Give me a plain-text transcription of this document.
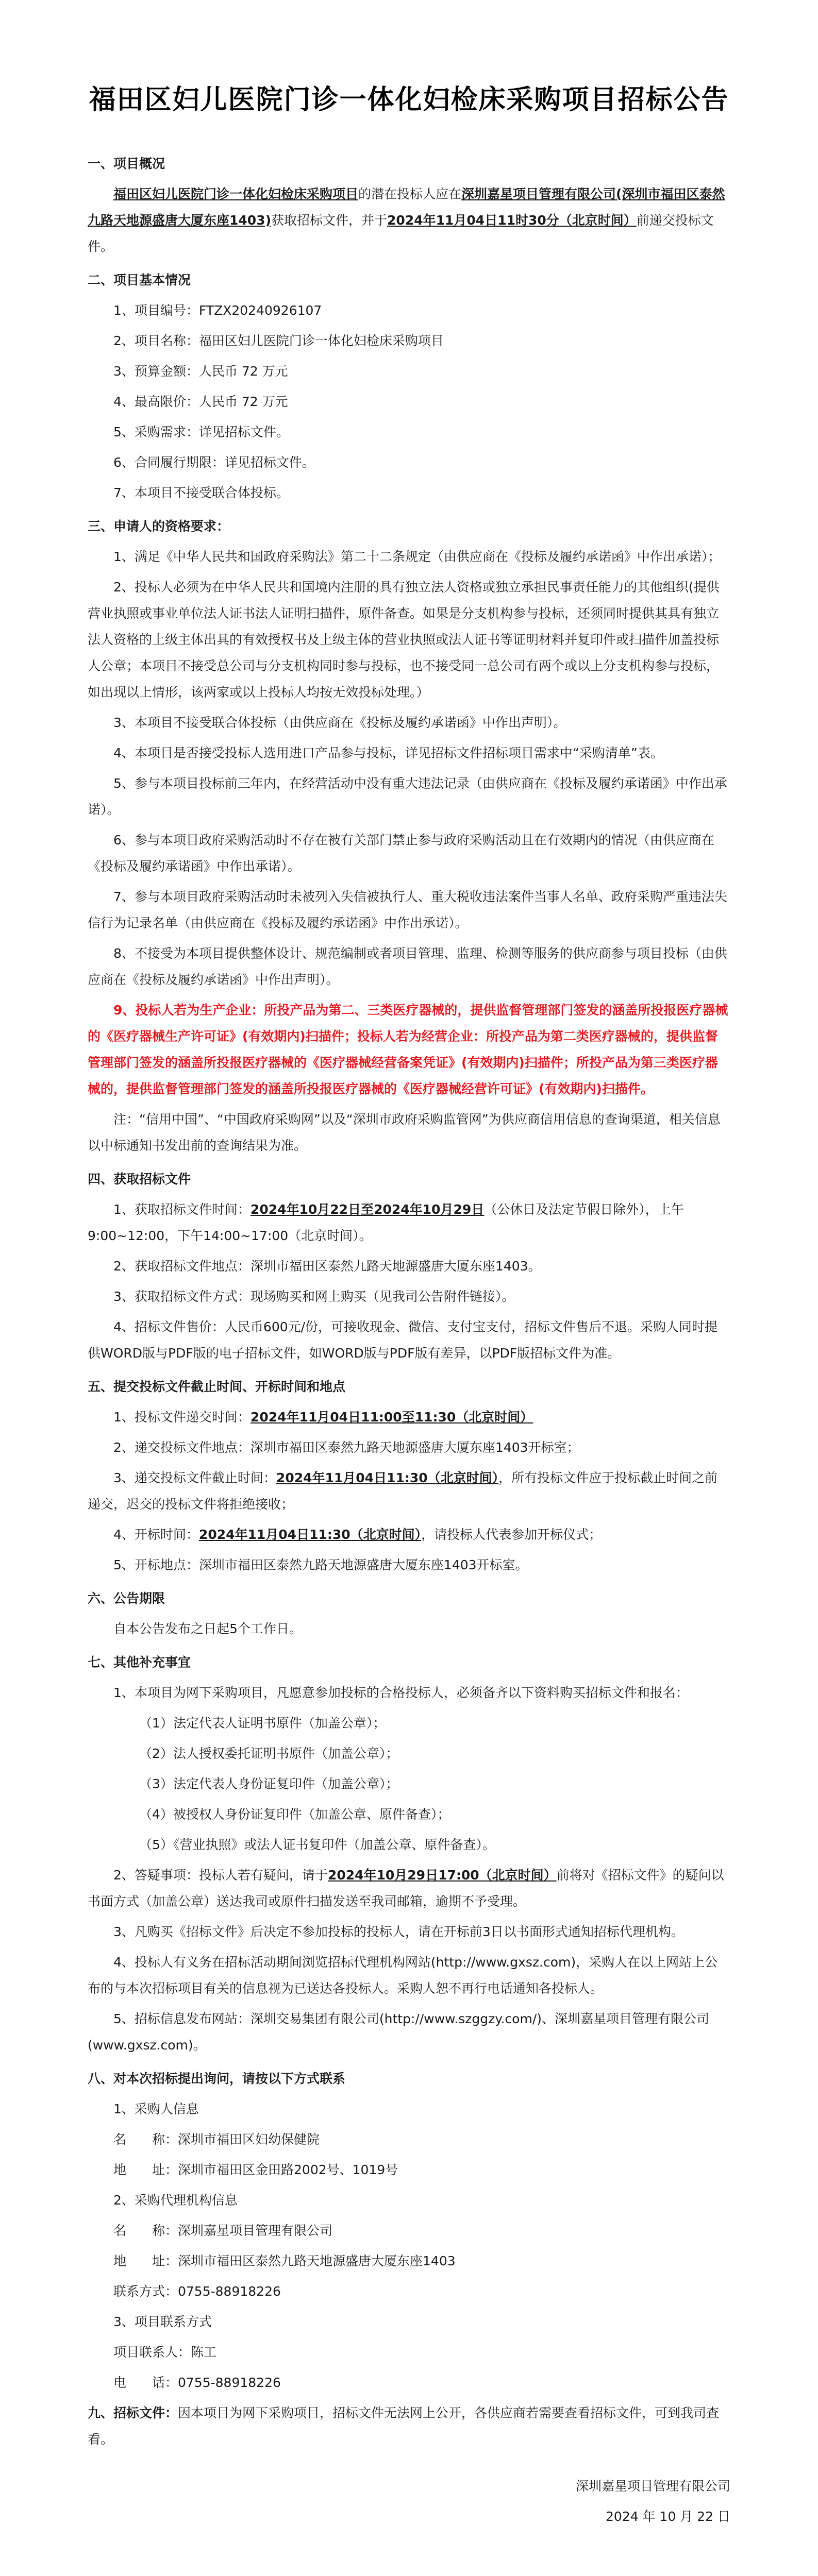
福田区妇儿医院门诊一体化妇检床采购项目招标公告

一、项目概况

福田区妇儿医院门诊一体化妇检床采购项目的潜在投标人应在深圳嘉星项目管理有限公司(深圳市福田区泰然九路天地源盛唐大厦东座1403)获取招标文件，并于2024年11月04日11时30分（北京时间）前递交投标文件。

二、项目基本情况

1、项目编号：FTZX20240926107

2、项目名称：福田区妇儿医院门诊一体化妇检床采购项目

3、预算金额：人民币 72 万元

4、最高限价：人民币 72 万元

5、采购需求：详见招标文件。

6、合同履行期限：详见招标文件。

7、本项目不接受联合体投标。

三、申请人的资格要求：

1、满足《中华人民共和国政府采购法》第二十二条规定（由供应商在《投标及履约承诺函》中作出承诺）；

2、投标人必须为在中华人民共和国境内注册的具有独立法人资格或独立承担民事责任能力的其他组织(提供营业执照或事业单位法人证书法人证明扫描件，原件备查。如果是分支机构参与投标，还须同时提供其具有独立法人资格的上级主体出具的有效授权书及上级主体的营业执照或法人证书等证明材料并复印件或扫描件加盖投标人公章；本项目不接受总公司与分支机构同时参与投标，也不接受同一总公司有两个或以上分支机构参与投标，如出现以上情形，该两家或以上投标人均按无效投标处理。）

3、本项目不接受联合体投标（由供应商在《投标及履约承诺函》中作出声明）。

4、本项目是否接受投标人选用进口产品参与投标，详见招标文件招标项目需求中“采购清单”表。

5、参与本项目投标前三年内，在经营活动中没有重大违法记录（由供应商在《投标及履约承诺函》中作出承诺）。

6、参与本项目政府采购活动时不存在被有关部门禁止参与政府采购活动且在有效期内的情况（由供应商在《投标及履约承诺函》中作出承诺）。

7、参与本项目政府采购活动时未被列入失信被执行人、重大税收违法案件当事人名单、政府采购严重违法失信行为记录名单（由供应商在《投标及履约承诺函》中作出承诺）。

8、不接受为本项目提供整体设计、规范编制或者项目管理、监理、检测等服务的供应商参与项目投标（由供应商在《投标及履约承诺函》中作出声明）。

9、投标人若为生产企业：所投产品为第二、三类医疗器械的，提供监督管理部门签发的涵盖所投报医疗器械的《医疗器械生产许可证》(有效期内)扫描件；投标人若为经营企业：所投产品为第二类医疗器械的，提供监督管理部门签发的涵盖所投报医疗器械的《医疗器械经营备案凭证》(有效期内)扫描件；所投产品为第三类医疗器械的，提供监督管理部门签发的涵盖所投报医疗器械的《医疗器械经营许可证》(有效期内)扫描件。

注：“信用中国”、“中国政府采购网”以及“深圳市政府采购监管网”为供应商信用信息的查询渠道，相关信息以中标通知书发出前的查询结果为准。

四、获取招标文件

1、获取招标文件时间：2024年10月22日至2024年10月29日（公休日及法定节假日除外），上午9:00~12:00，下午14:00~17:00（北京时间）。

2、获取招标文件地点：深圳市福田区泰然九路天地源盛唐大厦东座1403。

3、获取招标文件方式：现场购买和网上购买（见我司公告附件链接）。

4、招标文件售价：人民币600元/份，可接收现金、微信、支付宝支付，招标文件售后不退。采购人同时提供WORD版与PDF版的电子招标文件，如WORD版与PDF版有差异，以PDF版招标文件为准。

五、提交投标文件截止时间、开标时间和地点

1、投标文件递交时间：2024年11月04日11:00至11:30（北京时间）

2、递交投标文件地点：深圳市福田区泰然九路天地源盛唐大厦东座1403开标室；

3、递交投标文件截止时间：2024年11月04日11:30（北京时间），所有投标文件应于投标截止时间之前递交，迟交的投标文件将拒绝接收；

4、开标时间：2024年11月04日11:30（北京时间），请投标人代表参加开标仪式；

5、开标地点：深圳市福田区泰然九路天地源盛唐大厦东座1403开标室。

六、公告期限

自本公告发布之日起5个工作日。

七、其他补充事宜

1、本项目为网下采购项目，凡愿意参加投标的合格投标人，必须备齐以下资料购买招标文件和报名：

（1）法定代表人证明书原件（加盖公章）；

（2）法人授权委托证明书原件（加盖公章）；

（3）法定代表人身份证复印件（加盖公章）；

（4）被授权人身份证复印件（加盖公章、原件备查）；

（5）《营业执照》或法人证书复印件（加盖公章、原件备查）。

2、答疑事项：投标人若有疑问，请于2024年10月29日17:00（北京时间）前将对《招标文件》的疑问以书面方式（加盖公章）送达我司或原件扫描发送至我司邮箱，逾期不予受理。

3、凡购买《招标文件》后决定不参加投标的投标人，请在开标前3日以书面形式通知招标代理机构。

4、投标人有义务在招标活动期间浏览招标代理机构网站(http://www.gxsz.com)，采购人在以上网站上公布的与本次招标项目有关的信息视为已送达各投标人。采购人恕不再行电话通知各投标人。

5、招标信息发布网站：深圳交易集团有限公司(http://www.szggzy.com/)、深圳嘉星项目管理有限公司(www.gxsz.com)。

八、对本次招标提出询问，请按以下方式联系

1、采购人信息

名　　称：深圳市福田区妇幼保健院

地　　址：深圳市福田区金田路2002号、1019号

2、采购代理机构信息

名　　称：深圳嘉星项目管理有限公司

地　　址：深圳市福田区泰然九路天地源盛唐大厦东座1403

联系方式：0755-88918226

3、项目联系方式

项目联系人：陈工

电　　话：0755-88918226

九、招标文件：因本项目为网下采购项目，招标文件无法网上公开，各供应商若需要查看招标文件，可到我司查看。

深圳嘉星项目管理有限公司

2024 年 10 月 22 日
